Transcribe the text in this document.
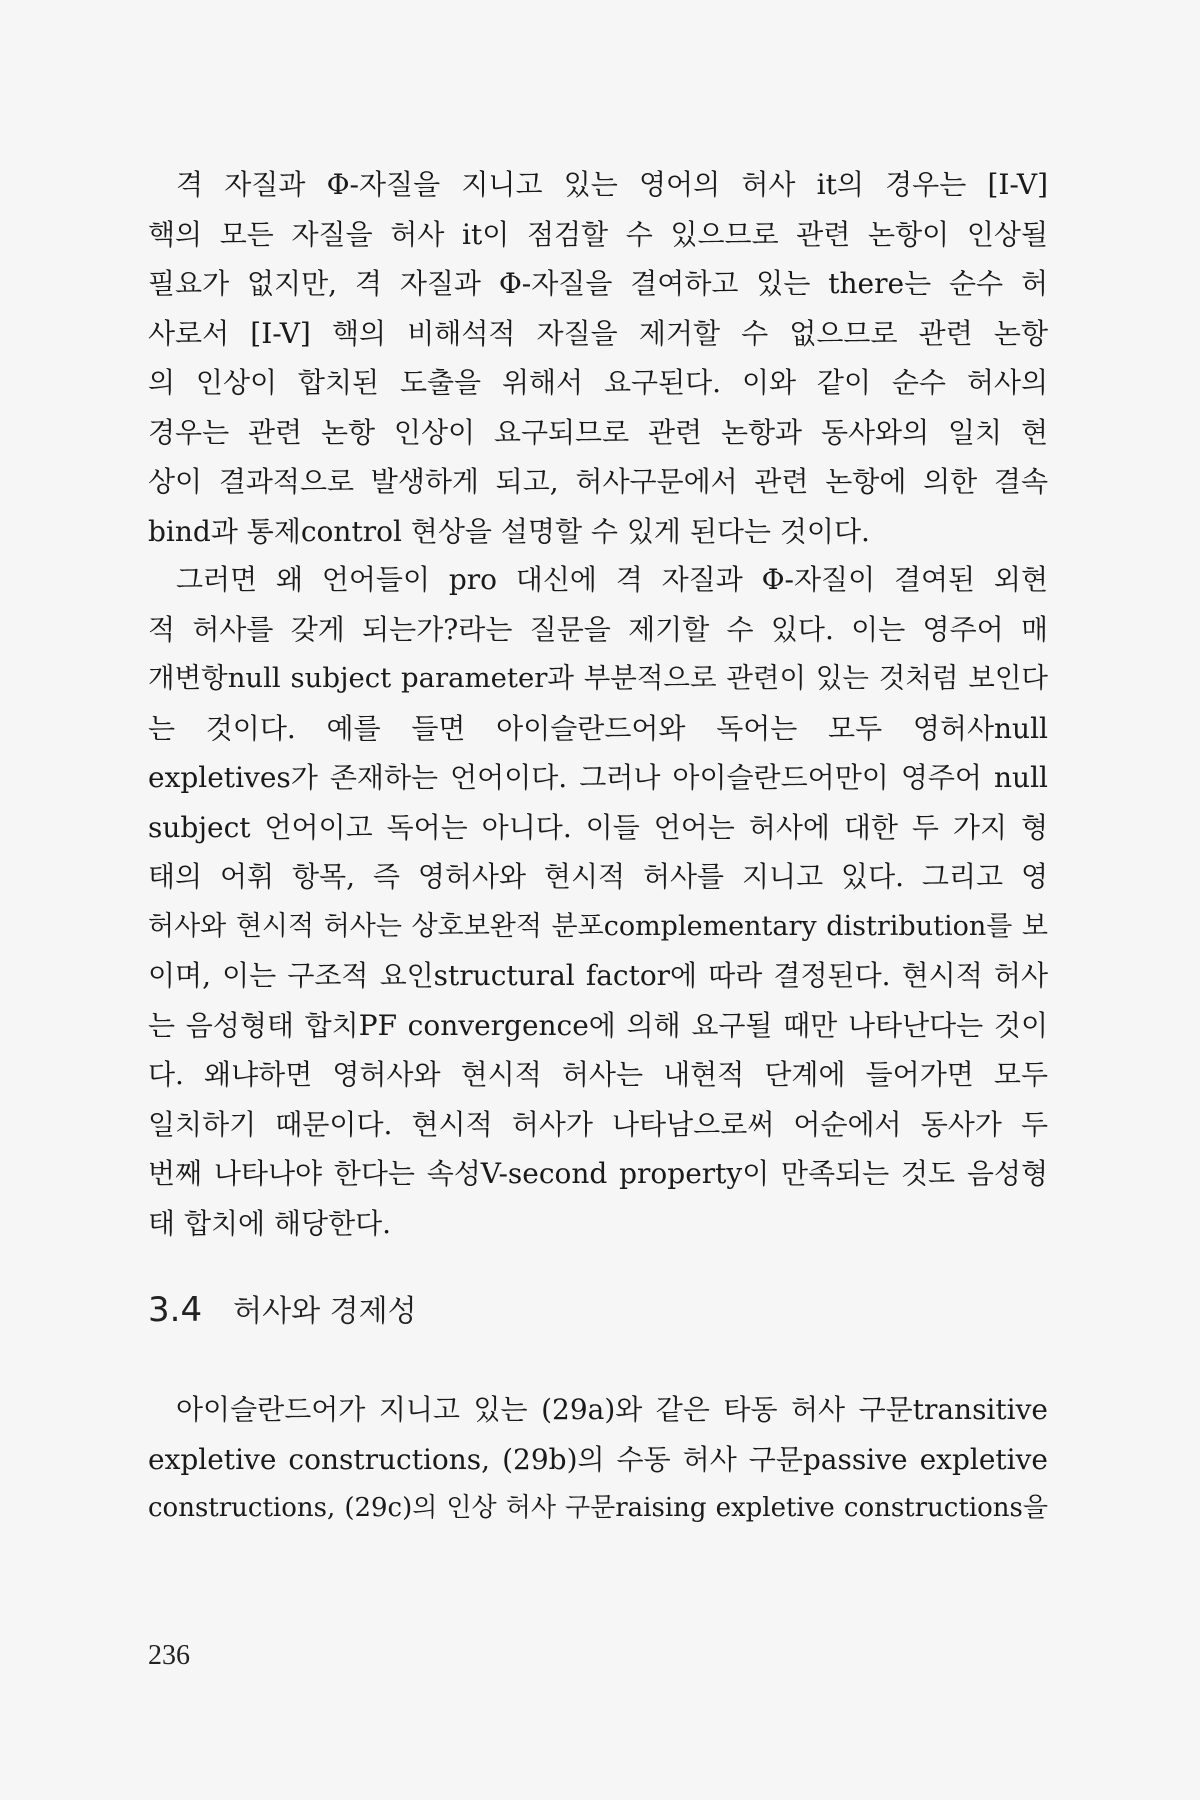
격 자질과 Φ-자질을 지니고 있는 영어의 허사 it의 경우는 [I-V]
핵의 모든 자질을 허사 it이 점검할 수 있으므로 관련 논항이 인상될
필요가 없지만, 격 자질과 Φ-자질을 결여하고 있는 there는 순수 허
사로서 [I-V] 핵의 비해석적 자질을 제거할 수 없으므로 관련 논항
의 인상이 합치된 도출을 위해서 요구된다. 이와 같이 순수 허사의
경우는 관련 논항 인상이 요구되므로 관련 논항과 동사와의 일치 현
상이 결과적으로 발생하게 되고, 허사구문에서 관련 논항에 의한 결속
bind과 통제control 현상을 설명할 수 있게 된다는 것이다.
그러면 왜 언어들이 pro 대신에 격 자질과 Φ-자질이 결여된 외현
적 허사를 갖게 되는가?라는 질문을 제기할 수 있다. 이는 영주어 매
개변항null subject parameter과 부분적으로 관련이 있는 것처럼 보인다
는 것이다. 예를 들면 아이슬란드어와 독어는 모두 영허사null
expletives가 존재하는 언어이다. 그러나 아이슬란드어만이 영주어 null
subject 언어이고 독어는 아니다. 이들 언어는 허사에 대한 두 가지 형
태의 어휘 항목, 즉 영허사와 현시적 허사를 지니고 있다. 그리고 영
허사와 현시적 허사는 상호보완적 분포complementary distribution를 보
이며, 이는 구조적 요인structural factor에 따라 결정된다. 현시적 허사
는 음성형태 합치PF convergence에 의해 요구될 때만 나타난다는 것이
다. 왜냐하면 영허사와 현시적 허사는 내현적 단계에 들어가면 모두
일치하기 때문이다. 현시적 허사가 나타남으로써 어순에서 동사가 두
번째 나타나야 한다는 속성V-second property이 만족되는 것도 음성형
태 합치에 해당한다.
3.4 허사와 경제성
아이슬란드어가 지니고 있는 (29a)와 같은 타동 허사 구문transitive
expletive constructions, (29b)의 수동 허사 구문passive expletive
constructions, (29c)의 인상 허사 구문raising expletive constructions을
236
